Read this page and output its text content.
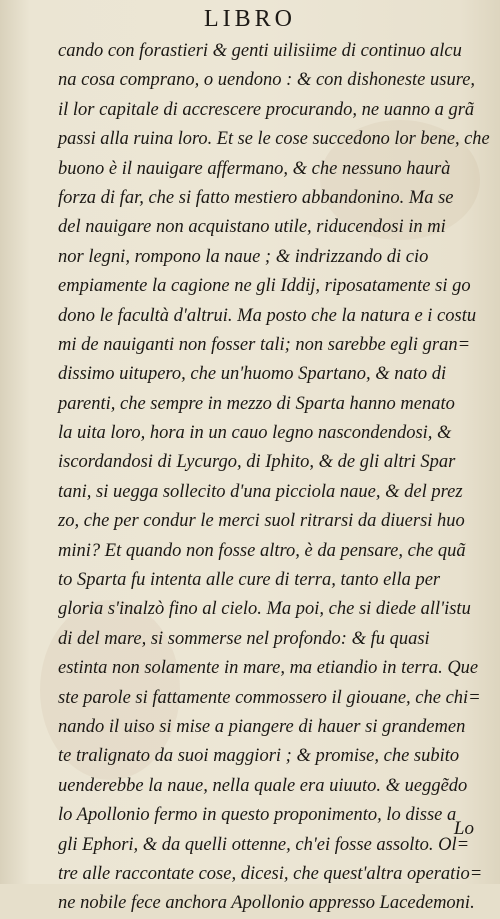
LIBRO
cando con forastieri & genti uilisiime di continuo alcu
na cosa comprano, o uendono : & con dishoneste usure,
il lor capitale di accrescere procurando, ne uanno a grã
passi alla ruina loro. Et se le cose succedono lor bene, che
buono è il nauigare affermano, & che nessuno haurà
forza di far, che si fatto mestiero abbandonino. Ma se
del nauigare non acquistano utile, riducendosi in mi
nor legni, rompono la naue ; & indrizzando di cio
empiamente la cagione ne gli Iddij, riposatamente si go
dono le facultà d'altrui. Ma posto che la natura e i costu
mi de nauiganti non fosser tali; non sarebbe egli gran=
dissimo uitupero, che un'huomo Spartano, & nato di
parenti, che sempre in mezzo di Sparta hanno menato
la uita loro, hora in un cauo legno nascondendosi, &
iscordandosi di Lycurgo, di Iphito, & de gli altri Spar
tani, si uegga sollecito d'una picciola naue, & del prez
zo, che per condur le merci suol ritrarsi da diuersi huo
mini? Et quando non fosse altro, è da pensare, che quã
to Sparta fu intenta alle cure di terra, tanto ella per
gloria s'inalzò fino al cielo. Ma poi, che si diede all'istu
di del mare, si sommerse nel profondo: & fu quasi
estinta non solamente in mare, ma etiandio in terra. Que
ste parole si fattamente commossero il giouane, che chi=
nando il uiso si mise a piangere di hauer si grandemen
te tralignato da suoi maggiori ; & promise, che subito
uenderebbe la naue, nella quale era uiuuto. & ueggẽdo
lo Apollonio fermo in questo proponimento, lo disse a
gli Ephori, & da quelli ottenne, ch'ei fosse assolto. Ol=
tre alle raccontate cose, dicesi, che quest'altra operatio=
ne nobile fece anchora Apollonio appresso Lacedemoni.
Lo
